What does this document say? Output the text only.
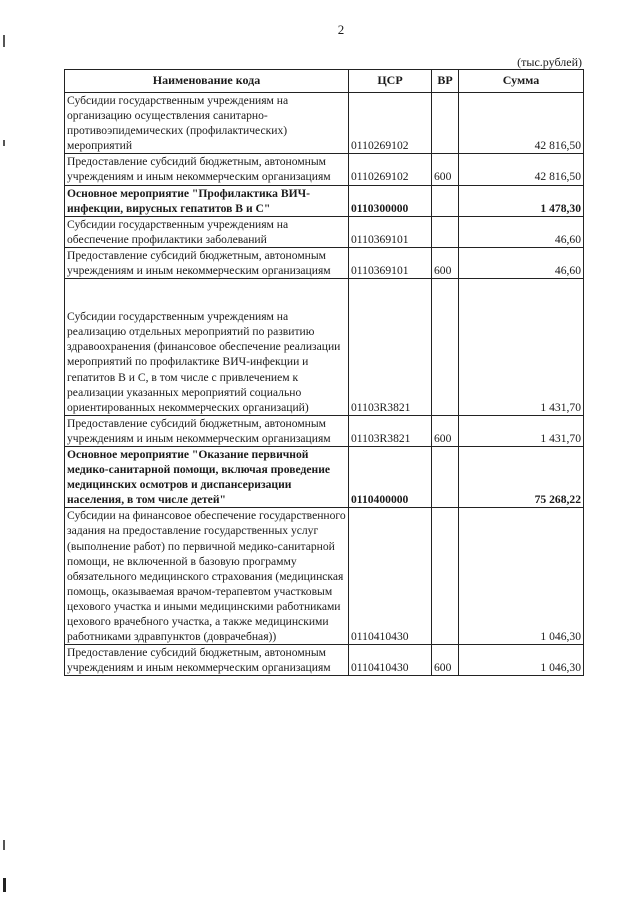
2
(тыс.рублей)
Наименование кода	ЦСР	ВР	Сумма
Субсидии государственным учреждениям на организацию осуществления санитарно-противоэпидемических (профилактических) мероприятий	0110269102		42 816,50
Предоставление субсидий бюджетным, автономным учреждениям и иным некоммерческим организациям	0110269102	600	42 816,50
Основное мероприятие "Профилактика ВИЧ-инфекции, вирусных гепатитов В и С"	0110300000		1 478,30
Субсидии государственным учреждениям на обеспечение профилактики заболеваний	0110369101		46,60
Предоставление субсидий бюджетным, автономным учреждениям и иным некоммерческим организациям	0110369101	600	46,60
Субсидии государственным учреждениям на реализацию отдельных мероприятий по развитию здравоохранения (финансовое обеспечение реализации мероприятий по профилактике ВИЧ-инфекции и гепатитов В и С, в том числе с привлечением к реализации указанных мероприятий социально ориентированных некоммерческих организаций)	01103R3821		1 431,70
Предоставление субсидий бюджетным, автономным учреждениям и иным некоммерческим организациям	01103R3821	600	1 431,70
Основное мероприятие "Оказание первичной медико-санитарной помощи, включая проведение медицинских осмотров и диспансеризации населения, в том числе детей"	0110400000		75 268,22
Субсидии на финансовое обеспечение государственного задания на предоставление государственных услуг (выполнение работ) по первичной медико-санитарной помощи, не включенной в базовую программу обязательного медицинского страхования (медицинская помощь, оказываемая врачом-терапевтом участковым цехового участка и иными медицинскими работниками цехового врачебного участка, а также медицинскими работниками здравпунктов (доврачебная))	0110410430		1 046,30
Предоставление субсидий бюджетным, автономным учреждениям и иным некоммерческим организациям	0110410430	600	1 046,30
